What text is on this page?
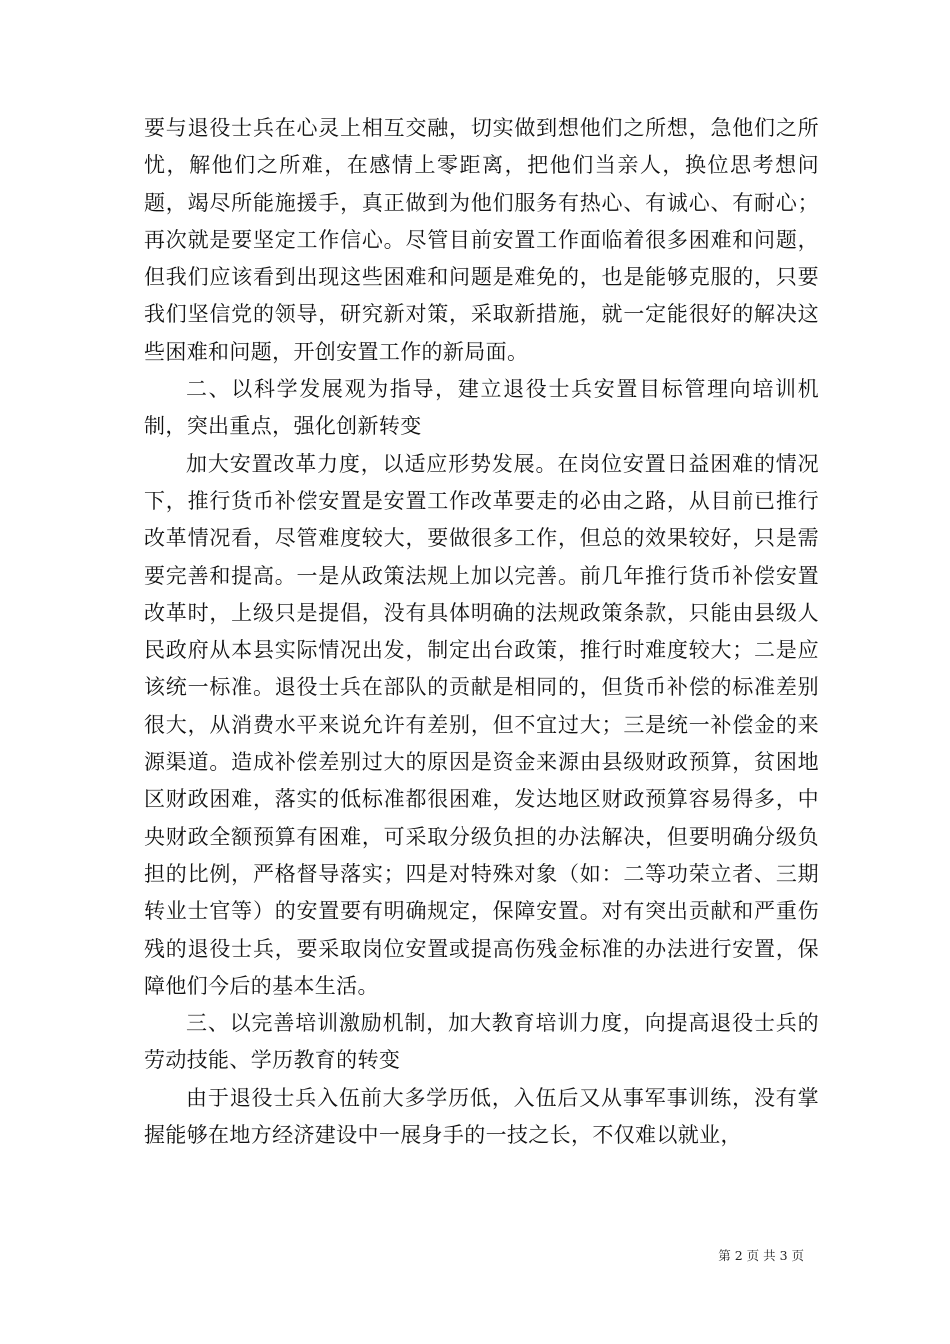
要与退役士兵在心灵上相互交融，切实做到想他们之所想，急他们之所忧，解他们之所难，在感情上零距离，把他们当亲人，换位思考想问题，竭尽所能施援手，真正做到为他们服务有热心、有诚心、有耐心；再次就是要坚定工作信心。尽管目前安置工作面临着很多困难和问题，但我们应该看到出现这些困难和问题是难免的，也是能够克服的，只要我们坚信党的领导，研究新对策，采取新措施，就一定能很好的解决这些困难和问题，开创安置工作的新局面。

二、以科学发展观为指导，建立退役士兵安置目标管理向培训机制，突出重点，强化创新转变

加大安置改革力度，以适应形势发展。在岗位安置日益困难的情况下，推行货币补偿安置是安置工作改革要走的必由之路，从目前已推行改革情况看，尽管难度较大，要做很多工作，但总的效果较好，只是需要完善和提高。一是从政策法规上加以完善。前几年推行货币补偿安置改革时，上级只是提倡，没有具体明确的法规政策条款，只能由县级人民政府从本县实际情况出发，制定出台政策，推行时难度较大；二是应该统一标准。退役士兵在部队的贡献是相同的，但货币补偿的标准差别很大，从消费水平来说允许有差别，但不宜过大；三是统一补偿金的来源渠道。造成补偿差别过大的原因是资金来源由县级财政预算，贫困地区财政困难，落实的低标准都很困难，发达地区财政预算容易得多，中央财政全额预算有困难，可采取分级负担的办法解决，但要明确分级负担的比例，严格督导落实；四是对特殊对象（如：二等功荣立者、三期转业士官等）的安置要有明确规定，保障安置。对有突出贡献和严重伤残的退役士兵，要采取岗位安置或提高伤残金标准的办法进行安置，保障他们今后的基本生活。

三、以完善培训激励机制，加大教育培训力度，向提高退役士兵的劳动技能、学历教育的转变

由于退役士兵入伍前大多学历低，入伍后又从事军事训练，没有掌握能够在地方经济建设中一展身手的一技之长，不仅难以就业，

第 2 页 共 3 页
